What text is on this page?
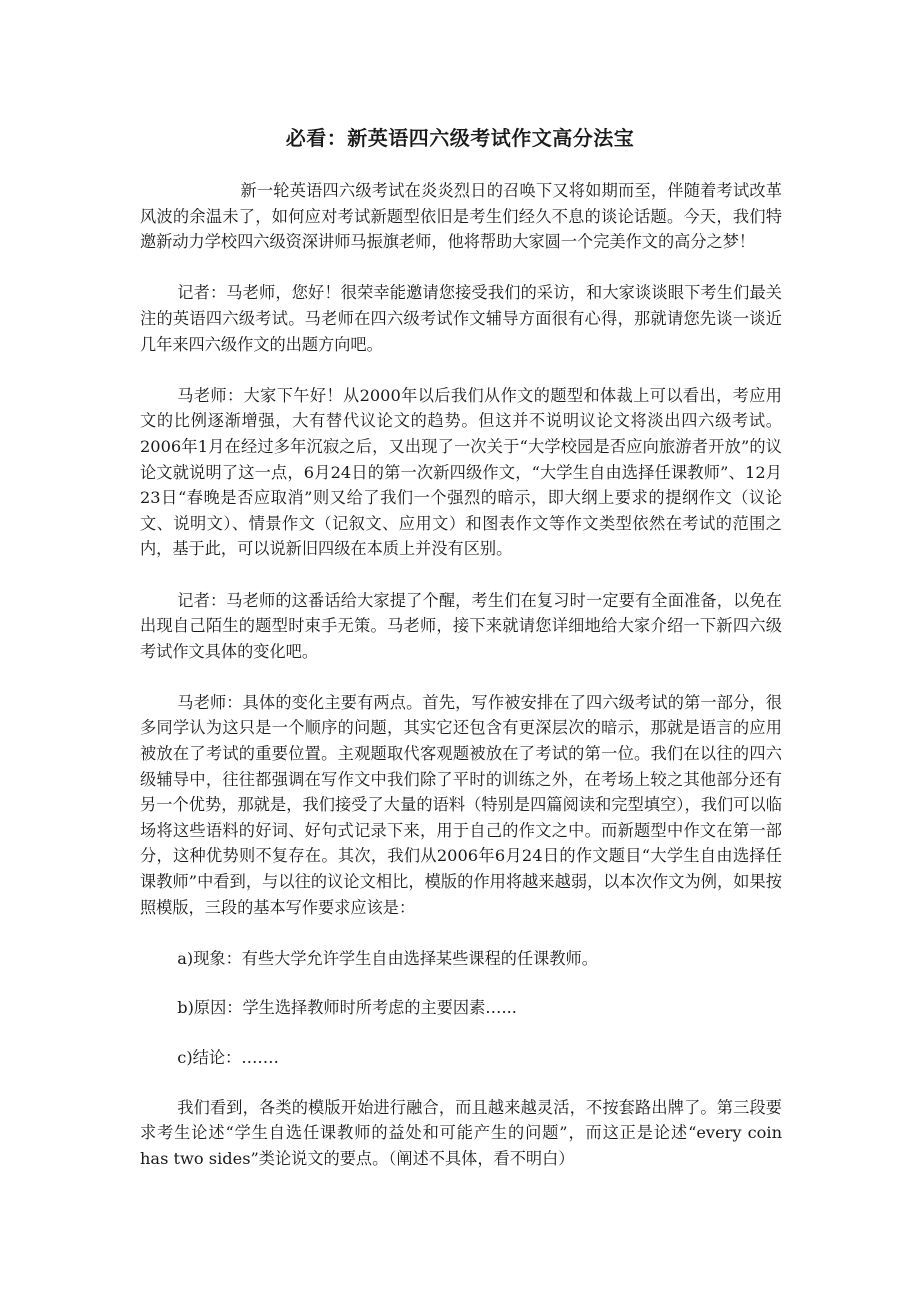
必看：新英语四六级考试作文高分法宝

新一轮英语四六级考试在炎炎烈日的召唤下又将如期而至，伴随着考试改革风波的余温未了，如何应对考试新题型依旧是考生们经久不息的谈论话题。今天，我们特邀新动力学校四六级资深讲师马振旗老师，他将帮助大家圆一个完美作文的高分之梦！

记者：马老师，您好！很荣幸能邀请您接受我们的采访，和大家谈谈眼下考生们最关注的英语四六级考试。马老师在四六级考试作文辅导方面很有心得，那就请您先谈一谈近几年来四六级作文的出题方向吧。

马老师：大家下午好！从2000年以后我们从作文的题型和体裁上可以看出，考应用文的比例逐渐增强，大有替代议论文的趋势。但这并不说明议论文将淡出四六级考试。2006年1月在经过多年沉寂之后，又出现了一次关于“大学校园是否应向旅游者开放”的议论文就说明了这一点，6月24日的第一次新四级作文，“大学生自由选择任课教师”、12月23日“春晚是否应取消”则又给了我们一个强烈的暗示，即大纲上要求的提纲作文（议论文、说明文）、情景作文（记叙文、应用文）和图表作文等作文类型依然在考试的范围之内，基于此，可以说新旧四级在本质上并没有区别。

记者：马老师的这番话给大家提了个醒，考生们在复习时一定要有全面准备，以免在出现自己陌生的题型时束手无策。马老师，接下来就请您详细地给大家介绍一下新四六级考试作文具体的变化吧。

马老师：具体的变化主要有两点。首先，写作被安排在了四六级考试的第一部分，很多同学认为这只是一个顺序的问题，其实它还包含有更深层次的暗示，那就是语言的应用被放在了考试的重要位置。主观题取代客观题被放在了考试的第一位。我们在以往的四六级辅导中，往往都强调在写作文中我们除了平时的训练之外，在考场上较之其他部分还有另一个优势，那就是，我们接受了大量的语料（特别是四篇阅读和完型填空），我们可以临场将这些语料的好词、好句式记录下来，用于自己的作文之中。而新题型中作文在第一部分，这种优势则不复存在。其次，我们从2006年6月24日的作文题目“大学生自由选择任课教师”中看到，与以往的议论文相比，模版的作用将越来越弱，以本次作文为例，如果按照模版，三段的基本写作要求应该是：

a)现象：有些大学允许学生自由选择某些课程的任课教师。

b)原因：学生选择教师时所考虑的主要因素…...

c)结论：…….

我们看到，各类的模版开始进行融合，而且越来越灵活，不按套路出牌了。第三段要求考生论述“学生自选任课教师的益处和可能产生的问题”，而这正是论述“every coin has two sides”类论说文的要点。（阐述不具体，看不明白）
